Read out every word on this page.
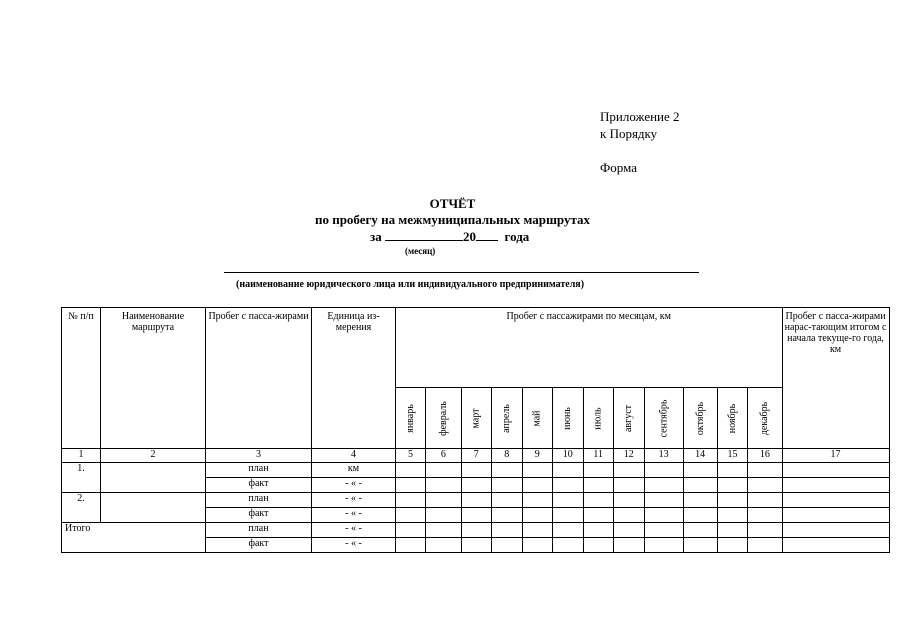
Приложение 2
к Порядку
Форма
ОТЧЁТ
по пробегу на межмуниципальных маршрутах
за	20 года
(месяц)
(наименование юридического лица или индивидуального предпринимателя)
№ п/п	Наименование маршрута	Пробег с пасса-жирами	Единица из-мерения	Пробег с пассажирами по месяцам, км												Пробег с пасса-жирами нарас-тающим итогом с начала текуще-го года, км

				январь	февраль	март	апрель	май	июнь	июль	август	сентябрь	октябрь	ноябрь	декабрь	

1	2	3	4	5	6	7	8	9	10	11	12	13	14	15	16	17
1.		план	км													
		факт	- « -													
2.		план	- « -													
		факт	- « -													
Итого		план	- « -													
		факт	- « -													
